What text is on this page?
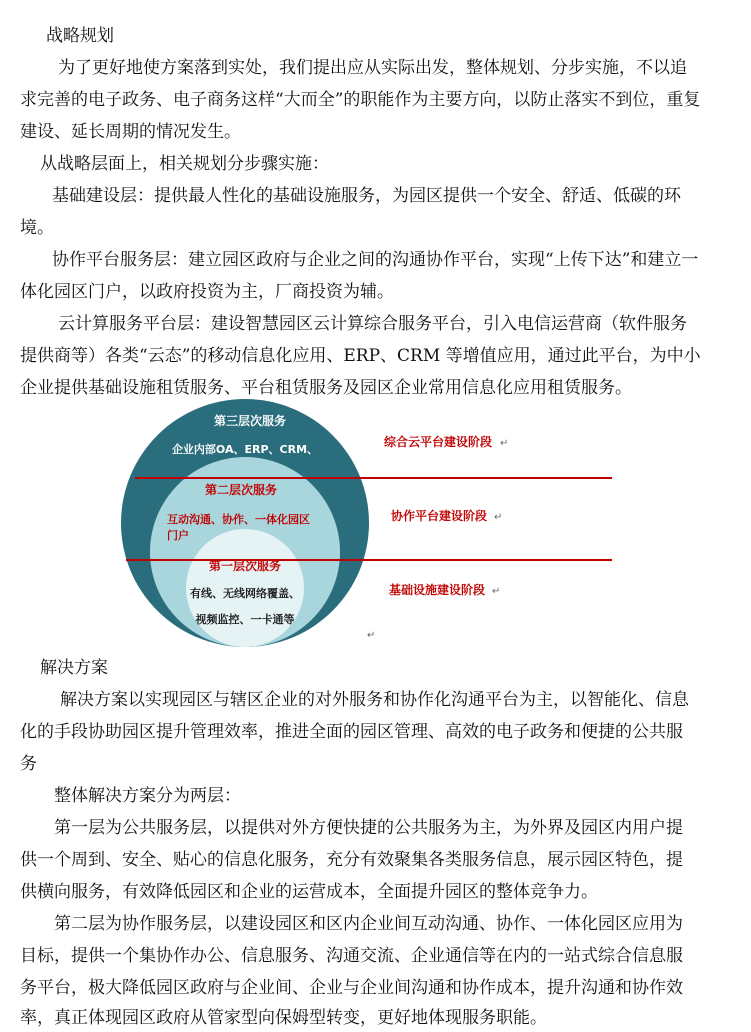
战略规划
为了更好地使方案落到实处，我们提出应从实际出发，整体规划、分步实施，不以追
求完善的电子政务、电子商务这样“大而全”的职能作为主要方向，以防止落实不到位，重复
建设、延长周期的情况发生。
从战略层面上，相关规划分步骤实施：
基础建设层：提供最人性化的基础设施服务，为园区提供一个安全、舒适、低碳的环
境。
协作平台服务层：建立园区政府与企业之间的沟通协作平台，实现“上传下达”和建立一
体化园区门户，以政府投资为主，厂商投资为辅。
云计算服务平台层：建设智慧园区云计算综合服务平台，引入电信运营商（软件服务
提供商等）各类“云态”的移动信息化应用、ERP、CRM 等增值应用，通过此平台，为中小
企业提供基础设施租赁服务、平台租赁服务及园区企业常用信息化应用租赁服务。
第三层次服务
企业内部OA、ERP、CRM、
第二层次服务
互动沟通、协作、一体化园区
门户
第一层次服务
有线、无线网络覆盖、
视频监控、一卡通等
综合云平台建设阶段 ↵
协作平台建设阶段 ↵
基础设施建设阶段 ↵
↵
解决方案
解决方案以实现园区与辖区企业的对外服务和协作化沟通平台为主，以智能化、信息
化的手段协助园区提升管理效率，推进全面的园区管理、高效的电子政务和便捷的公共服
务
整体解决方案分为两层：
第一层为公共服务层，以提供对外方便快捷的公共服务为主，为外界及园区内用户提
供一个周到、安全、贴心的信息化服务，充分有效聚集各类服务信息，展示园区特色，提
供横向服务，有效降低园区和企业的运营成本，全面提升园区的整体竞争力。
第二层为协作服务层，以建设园区和区内企业间互动沟通、协作、一体化园区应用为
目标，提供一个集协作办公、信息服务、沟通交流、企业通信等在内的一站式综合信息服
务平台，极大降低园区政府与企业间、企业与企业间沟通和协作成本，提升沟通和协作效
率，真正体现园区政府从管家型向保姆型转变，更好地体现服务职能。
